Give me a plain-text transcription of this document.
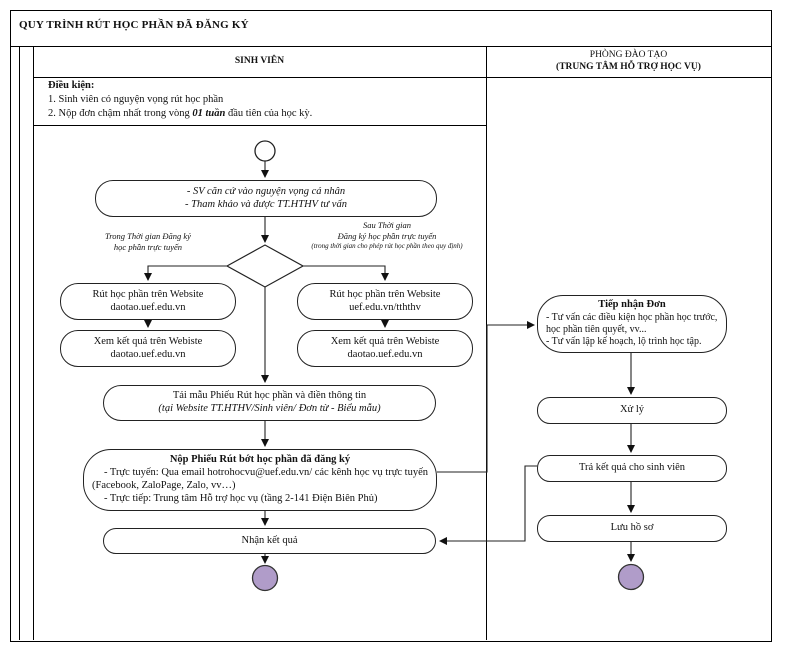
QUY TRÌNH RÚT HỌC PHẦN ĐÃ ĐĂNG KÝ
SINH VIÊN
PHÒNG ĐÀO TẠO
(TRUNG TÂM HỖ TRỢ HỌC VỤ)
Điều kiện:
1. Sinh viên có nguyện vọng rút học phần
2. Nộp đơn chậm nhất trong vòng 01 tuần đầu tiên của học kỳ.
Trong Thời gian Đăng ký
học phần trực tuyến
Sau Thời gian
Đăng ký học phần trực tuyến
(trong thời gian cho phép rút học phần theo quy định)
- SV căn cứ vào nguyện vọng cá nhân
- Tham khảo và được TT.HTHV tư vấn
Rút học phần trên Website
daotao.uef.edu.vn
Xem kết quả trên Webiste
daotao.uef.edu.vn
Rút học phần trên Website
uef.edu.vn/tththv
Xem kết quả trên Webiste
daotao.uef.edu.vn
Tải mẫu Phiếu Rút học phần và điền thông tin
(tại Website TT.HTHV/Sinh viên/ Đơn từ - Biểu mẫu)
Nộp Phiếu Rút bớt học phần đã đăng ký
- Trực tuyến: Qua email hotrohocvu@uef.edu.vn/ các kênh học vụ trực tuyến (Facebook, ZaloPage, Zalo, vv…)
- Trực tiếp: Trung tâm Hỗ trợ học vụ (tầng 2-141 Điện Biên Phủ)
Nhận kết quả
Tiếp nhận Đơn
- Tư vấn các điều kiện học phần học trước, học phần tiên quyết, vv...
- Tư vấn lập kế hoạch, lộ trình học tập.
Xử lý
Trả kết quả cho sinh viên
Lưu hồ sơ
